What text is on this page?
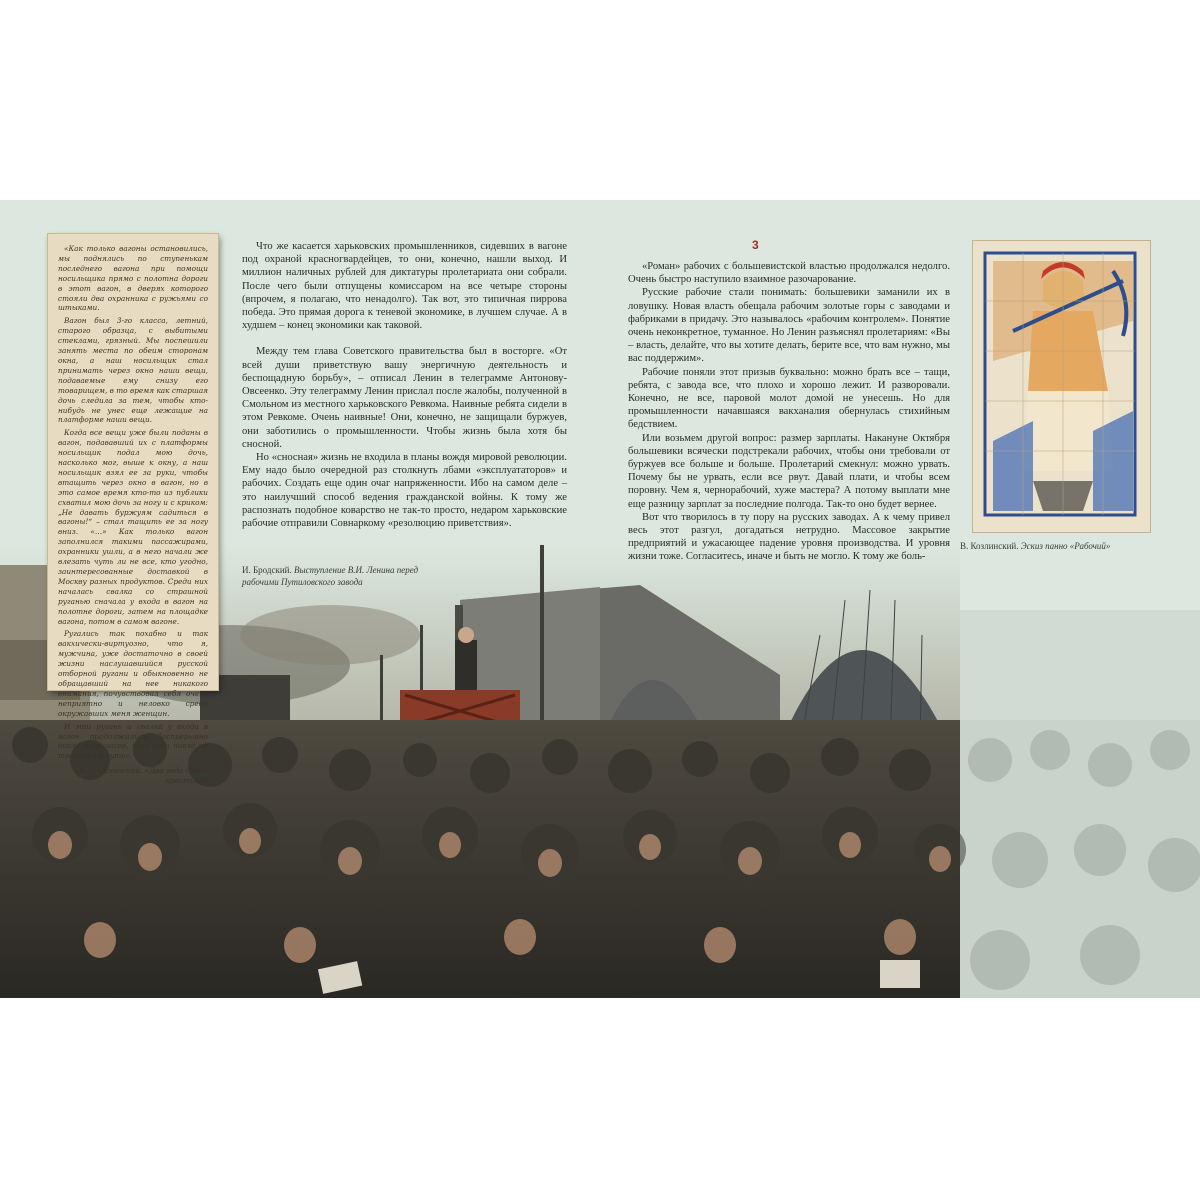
«Как только вагоны остановились, мы поднялись по ступенькам последнего вагона при помощи носильщика прямо с полотна дороги в этот вагон, в дверях которого стояли два охранника с ружьями со штыками.

Вагон был 3-го класса, летний, старого образца, с выбитыми стеклами, грязный. Мы поспешили занять места по обеим сторонам окна, а наш носильщик стал принимать через окно наши вещи, подаваемые ему снизу его товарищем, в то время как старшая дочь следила за тем, чтобы кто-нибудь не унес еще лежащие на платформе наши вещи.

Когда все вещи уже были поданы в вагон, подававший их с платформы носильщик подал мою дочь, насколько мог, выше к окну, а наш носильщик взял ее за руки, чтобы втащить через окно в вагон, но в это самое время кто-то из публики схватил мою дочь за ногу и с криком: „Не давать буржуям садиться в вагоны!“ – стал тащить ее за ногу вниз. «…» Как только вагон заполнился такими пассажирами, охранники ушли, а в него начали же влезать чуть ли не все, кто угодно, заинтересованные доставкой в Москву разных продуктов. Среди них началась свалка со страшной руганью сначала у входа в вагон на полотне дороги, затем на площадке вагона, потом в самом вагоне.

Ругались так похабно и так вакхически-виртуозно, что я, мужчина, уже достаточно в своей жизни наслушавшийся русской отборной ругани и обыкновенно не обращавший на нее никакого внимания, почувствовал себя очень неприятно и неловко среди окружавших меня женщин.

И эти ругань и свалка у входа в вагон продолжались беспрерывно около двух часов, пока наш поезд не тронулся в путь».

А.Л. Окнинский. «Два года среди крестьян»

Что же касается харьковских промышленников, сидевших в вагоне под охраной красногвардейцев, то они, конечно, нашли выход. И миллион наличных рублей для диктатуры пролетариата они собрали. После чего были отпущены комиссаром на все четыре стороны (впрочем, я полагаю, что ненадолго). Так вот, это типичная пиррова победа. Это прямая дорога к теневой экономике, в лучшем случае. А в худшем – конец экономики как таковой.

Между тем глава Советского правительства был в восторге. «От всей души приветствую вашу энергичную деятельность и беспощадную борьбу», – отписал Ленин в телеграмме Антонову-Овсеенко. Эту телеграмму Ленин прислал после жалобы, полученной в Смольном из местного харьковского Ревкома. Наивные ребята сидели в этом Ревкоме. Очень наивные! Они, конечно, не защищали буржуев, они заботились о промышленности. Чтобы жизнь была хотя бы сносной.

Но «сносная» жизнь не входила в планы вождя мировой революции. Ему надо было очередной раз столкнуть лбами «эксплуататоров» и рабочих. Создать еще один очаг напряженности. Ибо на самом деле – это наилучший способ ведения гражданской войны. К тому же распознать подобное коварство не так-то просто, недаром харьковские рабочие отправили Совнаркому «резолюцию приветствия».

И. Бродский. Выступление В.И. Ленина перед рабочими Путиловского завода
3

«Роман» рабочих с большевистской властью продолжался недолго. Очень быстро наступило взаимное разочарование.

Русские рабочие стали понимать: большевики заманили их в ловушку. Новая власть обещала рабочим золотые горы с заводами и фабриками в придачу. Это называлось «рабочим контролем». Понятие очень неконкретное, туманное. Но Ленин разъяснял пролетариям: «Вы – власть, делайте, что вы хотите делать, берите все, что вам нужно, мы вас поддержим».

Рабочие поняли этот призыв буквально: можно брать все – тащи, ребята, с завода все, что плохо и хорошо лежит. И разворовали. Конечно, не все, паровой молот домой не унесешь. Но для промышленности начавшаяся вакханалия обернулась стихийным бедствием.

Или возьмем другой вопрос: размер зарплаты. Накануне Октября большевики всячески подстрекали рабочих, чтобы они требовали от буржуев все больше и больше. Пролетарий смекнул: можно урвать. Почему бы не урвать, если все рвут. Давай плати, и чтобы всем поровну. Чем я, чернорабочий, хуже мастера? А потому выплати мне еще разницу зарплат за последние полгода. Так-то оно будет вернее.

Вот что творилось в ту пору на русских заводах. А к чему привел весь этот разгул, догадаться нетрудно. Массовое закрытие предприятий и ужасающее падение уровня производства. И уровня жизни тоже. Согласитесь, иначе и быть не могло. К тому же боль-

В. Козлинский. Эскиз панно «Рабочий»
